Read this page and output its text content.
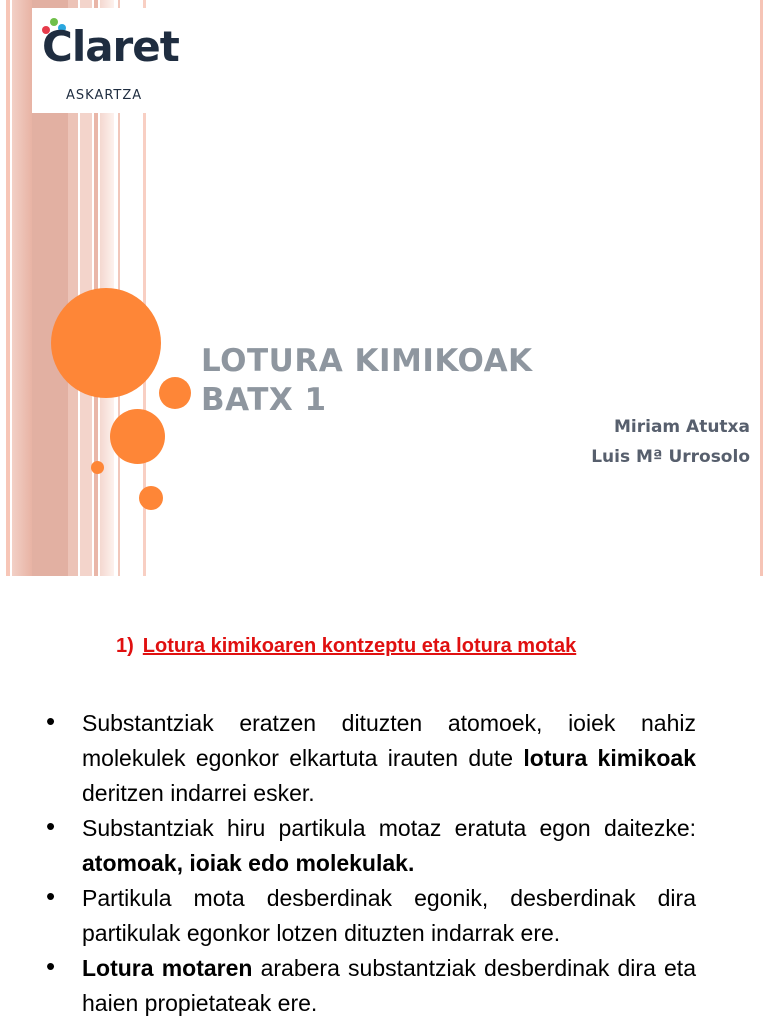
Claret
ASKARTZA
LOTURA KIMIKOAK
BATX 1
Miriam Atutxa
Luis Mª Urrosolo
1) Lotura kimikoaren kontzeptu eta lotura motak
• Substantziak eratzen dituzten atomoek, ioiek nahiz molekulek egonkor elkartuta irauten dute lotura kimikoak deritzen indarrei esker.
• Substantziak hiru partikula motaz eratuta egon daitezke: atomoak, ioiak edo molekulak.
• Partikula mota desberdinak egonik, desberdinak dira partikulak egonkor lotzen dituzten indarrak ere.
• Lotura motaren arabera substantziak desberdinak dira eta haien propietateak ere.
